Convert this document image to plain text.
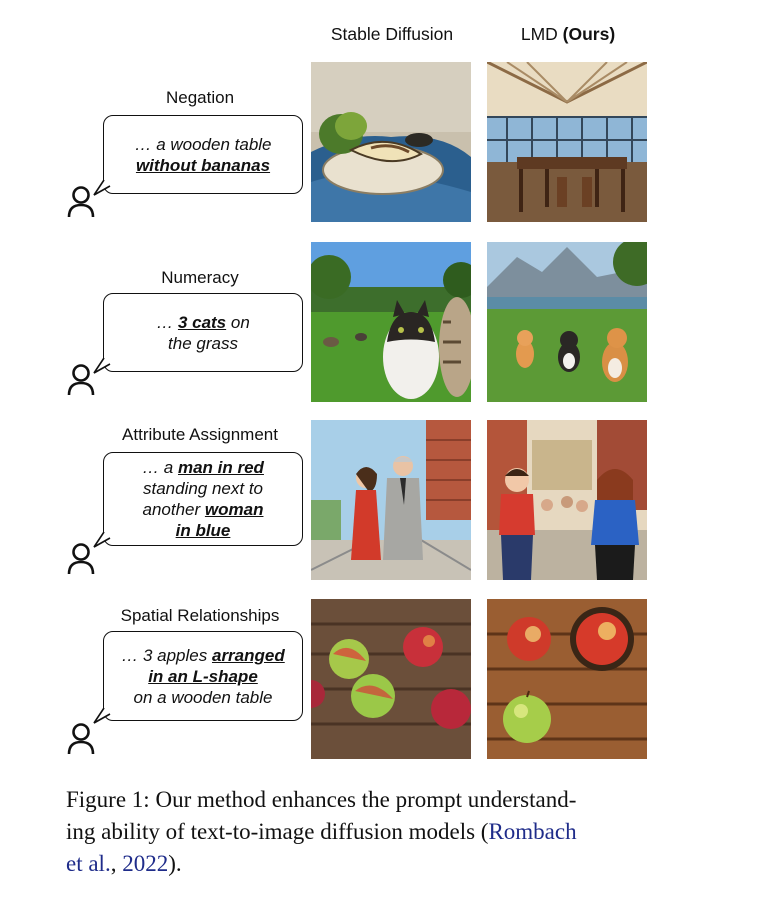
Stable Diffusion	LMD (Ours)
Negation
… a wooden table
without bananas
Numeracy
… 3 cats on
the grass
Attribute Assignment
… a man in red
standing next to
another woman
in blue
Spatial Relationships
… 3 apples arranged
in an L-shape
on a wooden table
Figure 1: Our method enhances the prompt understand-
ing ability of text-to-image diffusion models (Rombach
et al., 2022).
